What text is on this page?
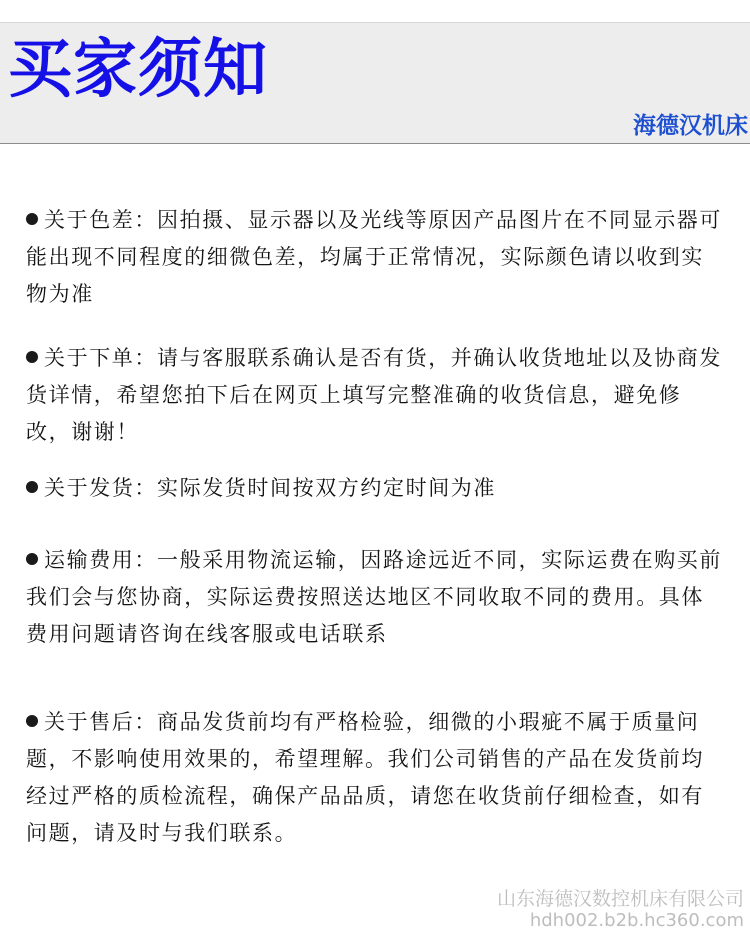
买家须知
海德汉机床
关于色差：因拍摄、显示器以及光线等原因产品图片在不同显示器可能出现不同程度的细微色差，均属于正常情况，实际颜色请以收到实物为准
关于下单：请与客服联系确认是否有货，并确认收货地址以及协商发货详情，希望您拍下后在网页上填写完整准确的收货信息，避免修改，谢谢！
关于发货：实际发货时间按双方约定时间为准
运输费用：一般采用物流运输，因路途远近不同，实际运费在购买前我们会与您协商，实际运费按照送达地区不同收取不同的费用。具体费用问题请咨询在线客服或电话联系
关于售后：商品发货前均有严格检验，细微的小瑕疵不属于质量问题，不影响使用效果的，希望理解。我们公司销售的产品在发货前均经过严格的质检流程，确保产品品质，请您在收货前仔细检查，如有问题，请及时与我们联系。
山东海德汉数控机床有限公司
hdh002.b2b.hc360.com
